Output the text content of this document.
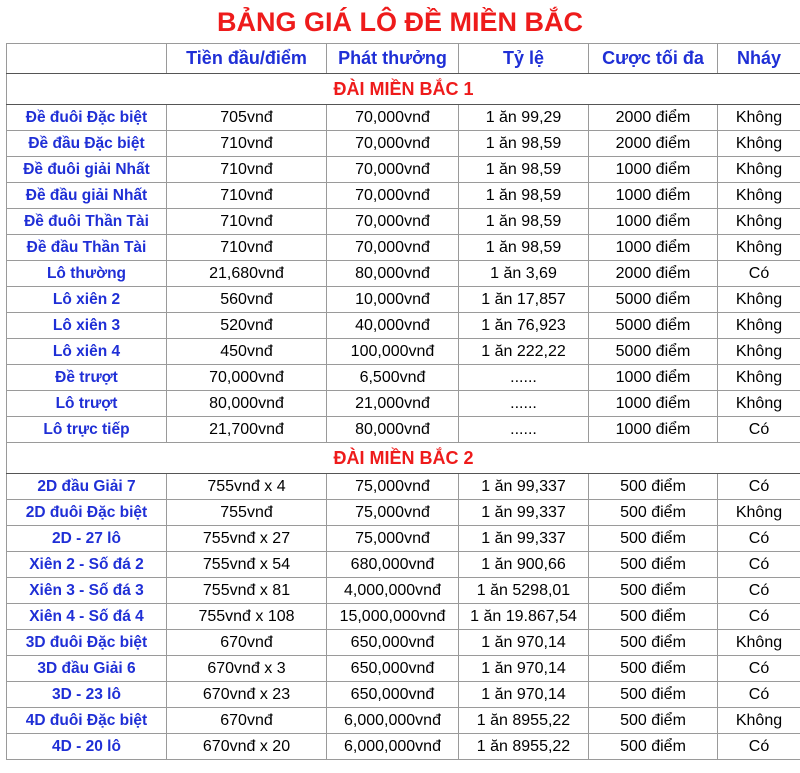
BẢNG GIÁ LÔ ĐỀ MIỀN BẮC
	Tiền đầu/điểm	Phát thưởng	Tỷ lệ	Cược tối đa	Nháy
ĐÀI MIỀN BẮC 1					
Đề đuôi Đặc biệt	705vnđ	70,000vnđ	1 ăn 99,29	2000 điểm	Không
Đề đầu Đặc biệt	710vnđ	70,000vnđ	1 ăn 98,59	2000 điểm	Không
Đề đuôi giải Nhất	710vnđ	70,000vnđ	1 ăn 98,59	1000 điểm	Không
Đề đầu giải Nhất	710vnđ	70,000vnđ	1 ăn 98,59	1000 điểm	Không
Đề đuôi Thần Tài	710vnđ	70,000vnđ	1 ăn 98,59	1000 điểm	Không
Đề đầu Thần Tài	710vnđ	70,000vnđ	1 ăn 98,59	1000 điểm	Không
Lô thường	21,680vnđ	80,000vnđ	1 ăn 3,69	2000 điểm	Có
Lô xiên 2	560vnđ	10,000vnđ	1 ăn 17,857	5000 điểm	Không
Lô xiên 3	520vnđ	40,000vnđ	1 ăn 76,923	5000 điểm	Không
Lô xiên 4	450vnđ	100,000vnđ	1 ăn 222,22	5000 điểm	Không
Đề trượt	70,000vnđ	6,500vnđ	......	1000 điểm	Không
Lô trượt	80,000vnđ	21,000vnđ	......	1000 điểm	Không
Lô trực tiếp	21,700vnđ	80,000vnđ	......	1000 điểm	Có
ĐÀI MIỀN BẮC 2					
2D đầu Giải 7	755vnđ x 4	75,000vnđ	1 ăn 99,337	500 điểm	Có
2D đuôi Đặc biệt	755vnđ	75,000vnđ	1 ăn 99,337	500 điểm	Không
2D - 27 lô	755vnđ x 27	75,000vnđ	1 ăn 99,337	500 điểm	Có
Xiên 2 - Số đá 2	755vnđ x 54	680,000vnđ	1 ăn 900,66	500 điểm	Có
Xiên 3 - Số đá 3	755vnđ x 81	4,000,000vnđ	1 ăn 5298,01	500 điểm	Có
Xiên 4 - Số đá 4	755vnđ x 108	15,000,000vnđ	1 ăn 19.867,54	500 điểm	Có
3D đuôi Đặc biệt	670vnđ	650,000vnđ	1 ăn 970,14	500 điểm	Không
3D đầu Giải 6	670vnđ x 3	650,000vnđ	1 ăn 970,14	500 điểm	Có
3D - 23 lô	670vnđ x 23	650,000vnđ	1 ăn 970,14	500 điểm	Có
4D đuôi Đặc biệt	670vnđ	6,000,000vnđ	1 ăn 8955,22	500 điểm	Không
4D - 20 lô	670vnđ x 20	6,000,000vnđ	1 ăn 8955,22	500 điểm	Có
